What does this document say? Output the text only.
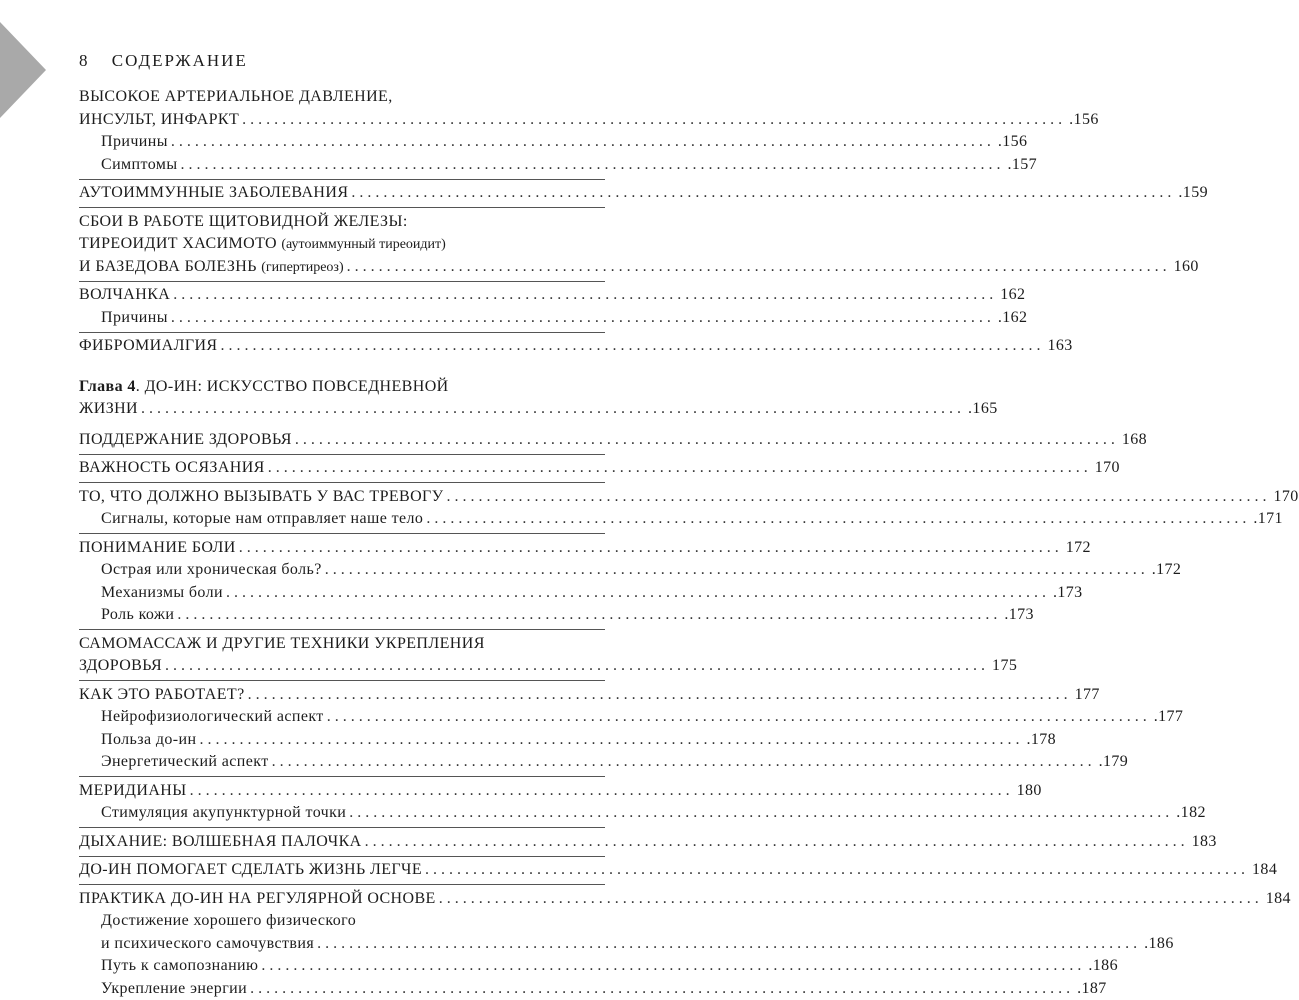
8 СОДЕРЖАНИЕ
ВЫСОКОЕ АРТЕРИАЛЬНОЕ ДАВЛЕНИЕ,
ИНСУЛЬТ, ИНФАРКТ ....................................................................................................... .156
Причины ....................................................................................................... .156
Симптомы ....................................................................................................... .157
АУТОИММУННЫЕ ЗАБОЛЕВАНИЯ ....................................................................................................... .159
СБОИ В РАБОТЕ ЩИТОВИДНОЙ ЖЕЛЕЗЫ:
ТИРЕОИДИТ ХАСИМОТО (аутоиммунный тиреоидит)
И БАЗЕДОВА БОЛЕЗНЬ (гипертиреоз) ....................................................................................................... 160
ВОЛЧАНКА ....................................................................................................... 162
Причины ....................................................................................................... .162
ФИБРОМИАЛГИЯ ....................................................................................................... 163
Глава 4. ДО-ИН: ИСКУССТВО ПОВСЕДНЕВНОЙ
ЖИЗНИ ....................................................................................................... .165
ПОДДЕРЖАНИЕ ЗДОРОВЬЯ ....................................................................................................... 168
ВАЖНОСТЬ ОСЯЗАНИЯ ....................................................................................................... 170
ТО, ЧТО ДОЛЖНО ВЫЗЫВАТЬ У ВАС ТРЕВОГУ ....................................................................................................... 170
Сигналы, которые нам отправляет наше тело ....................................................................................................... .171
ПОНИМАНИЕ БОЛИ ....................................................................................................... 172
Острая или хроническая боль? ....................................................................................................... .172
Механизмы боли ....................................................................................................... .173
Роль кожи ....................................................................................................... .173
САМОМАССАЖ И ДРУГИЕ ТЕХНИКИ УКРЕПЛЕНИЯ
ЗДОРОВЬЯ ....................................................................................................... 175
КАК ЭТО РАБОТАЕТ? ....................................................................................................... 177
Нейрофизиологический аспект ....................................................................................................... .177
Польза до-ин ....................................................................................................... .178
Энергетический аспект ....................................................................................................... .179
МЕРИДИАНЫ ....................................................................................................... 180
Стимуляция акупунктурной точки ....................................................................................................... .182
ДЫХАНИЕ: ВОЛШЕБНАЯ ПАЛОЧКА ....................................................................................................... 183
ДО-ИН ПОМОГАЕТ СДЕЛАТЬ ЖИЗНЬ ЛЕГЧЕ ....................................................................................................... 184
ПРАКТИКА ДО-ИН НА РЕГУЛЯРНОЙ ОСНОВЕ ....................................................................................................... 184
Достижение хорошего физического
и психического самочувствия ....................................................................................................... .186
Путь к самопознанию ....................................................................................................... .186
Укрепление энергии ....................................................................................................... .187
